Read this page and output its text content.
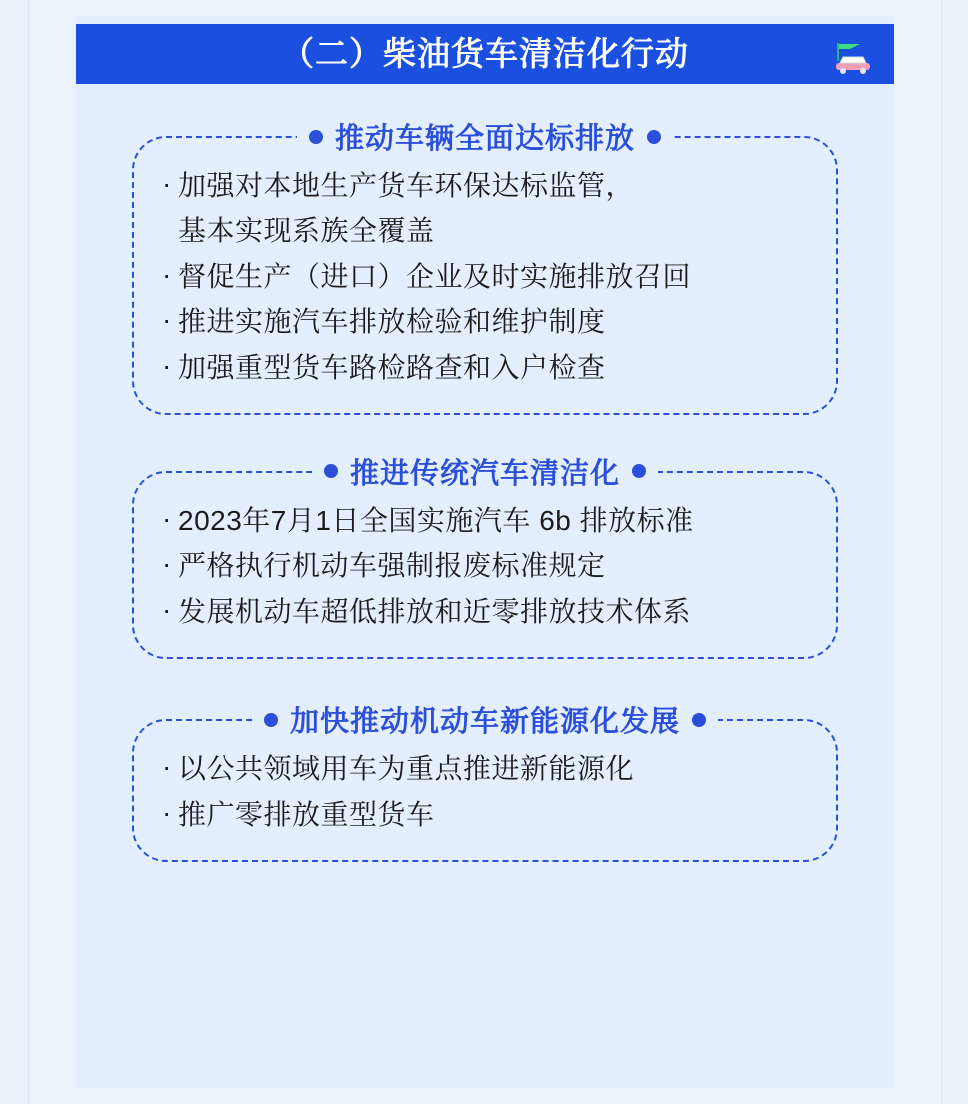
（二）柴油货车清洁化行动
· 加强对本地生产货车环保达标监管，
基本实现系族全覆盖
· 督促生产（进口）企业及时实施排放召回
· 推进实施汽车排放检验和维护制度
· 加强重型货车路检路查和入户检查
推动车辆全面达标排放
· 2023年7月1日全国实施汽车 6b 排放标准
· 严格执行机动车强制报废标准规定
· 发展机动车超低排放和近零排放技术体系
推进传统汽车清洁化
· 以公共领域用车为重点推进新能源化
· 推广零排放重型货车
加快推动机动车新能源化发展
